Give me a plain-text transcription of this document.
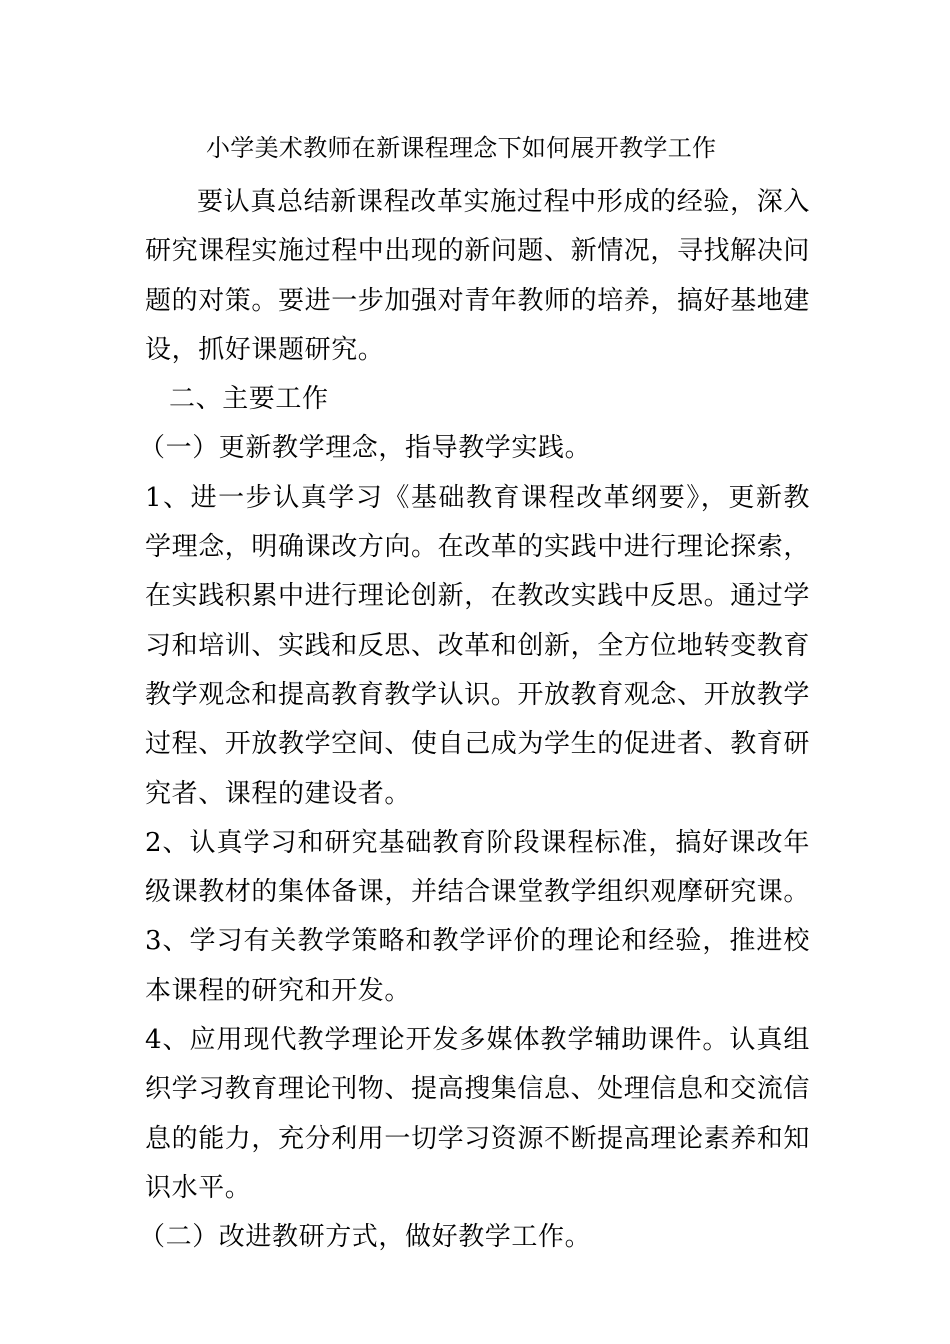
小学美术教师在新课程理念下如何展开教学工作

要认真总结新课程改革实施过程中形成的经验，深入研究课程实施过程中出现的新问题、新情况，寻找解决问题的对策。要进一步加强对青年教师的培养，搞好基地建设，抓好课题研究。

二、主要工作

（一）更新教学理念，指导教学实践。

1、进一步认真学习《基础教育课程改革纲要》，更新教学理念，明确课改方向。在改革的实践中进行理论探索，在实践积累中进行理论创新，在教改实践中反思。通过学习和培训、实践和反思、改革和创新，全方位地转变教育教学观念和提高教育教学认识。开放教育观念、开放教学过程、开放教学空间、使自己成为学生的促进者、教育研究者、课程的建设者。

2、认真学习和研究基础教育阶段课程标准，搞好课改年级课教材的集体备课，并结合课堂教学组织观摩研究课。

3、学习有关教学策略和教学评价的理论和经验，推进校本课程的研究和开发。

4、应用现代教学理论开发多媒体教学辅助课件。认真组织学习教育理论刊物、提高搜集信息、处理信息和交流信息的能力，充分利用一切学习资源不断提高理论素养和知识水平。

（二）改进教研方式，做好教学工作。
